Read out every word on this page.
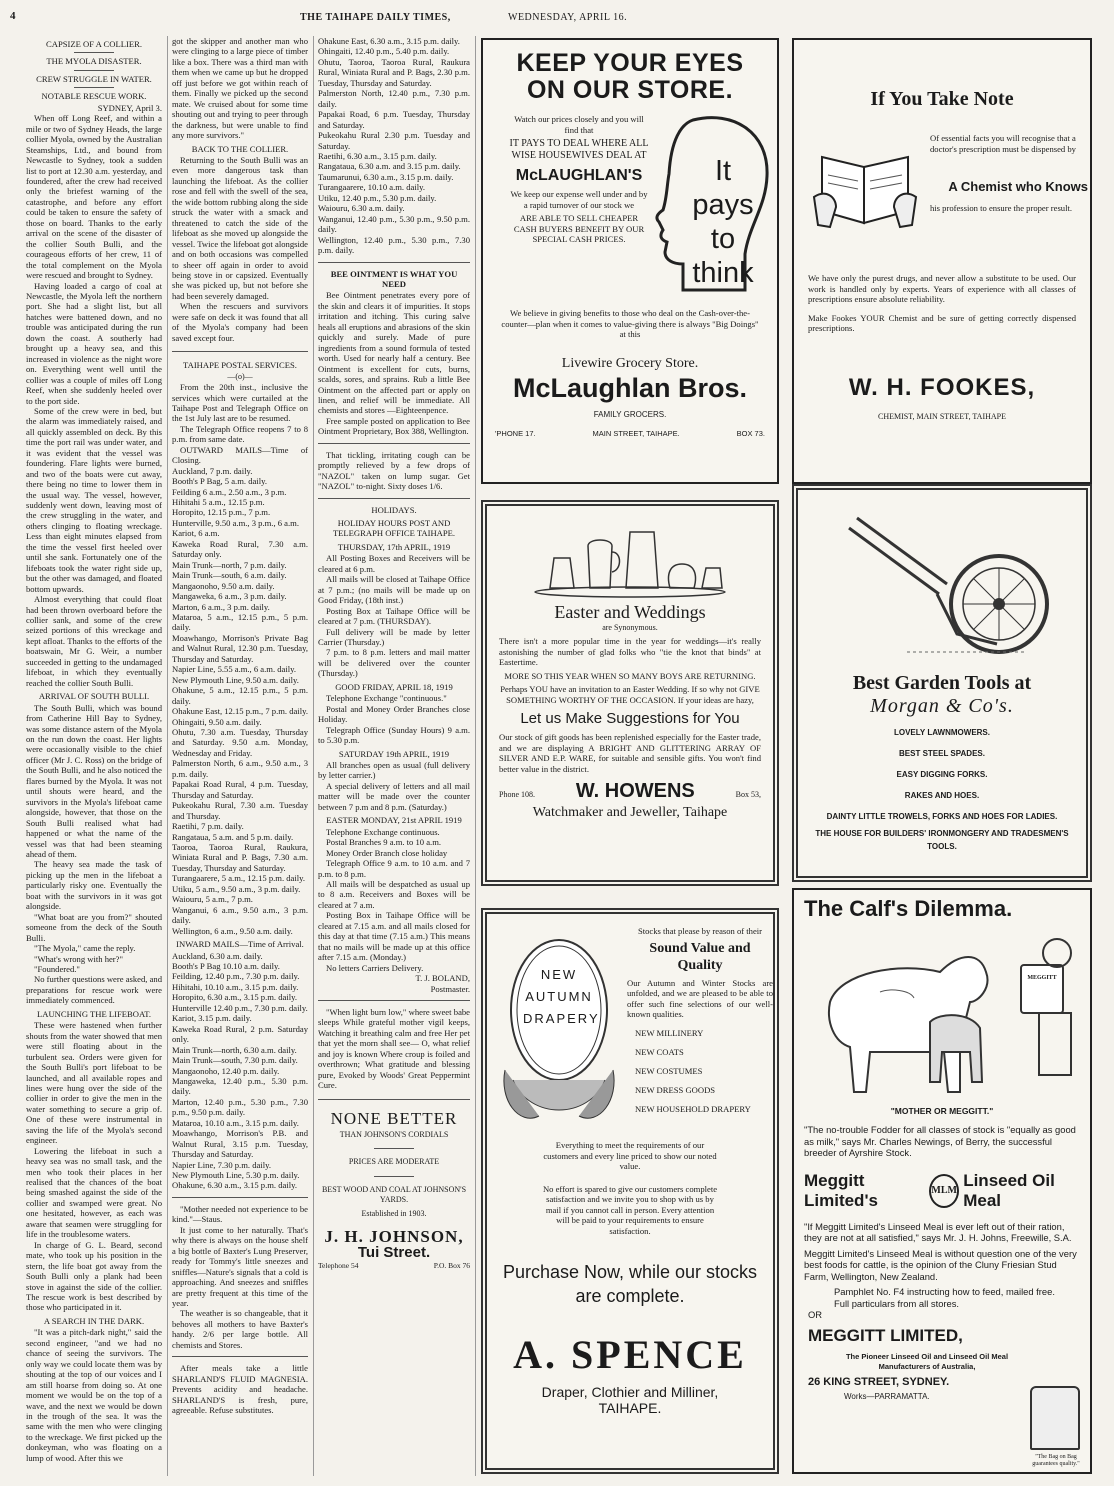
4	THE TAIHAPE DAILY TIMES,	WEDNESDAY, APRIL 16.

CAPSIZE OF A COLLIER.

THE MYOLA DISASTER.

CREW STRUGGLE IN WATER.

NOTABLE RESCUE WORK.

SYDNEY, April 3.

When off Long Reef, and within a mile or two of Sydney Heads, the large collier Myola, owned by the Australian Steamships, Ltd., and bound from Newcastle to Sydney, took a sudden list to port at 12.30 a.m. yesterday, and foundered, after the crew had received only the briefest warning of the catastrophe, and before any effort could be taken to ensure the safety of those on board. Thanks to the early arrival on the scene of the disaster of the collier South Bulli, and the courageous efforts of her crew, 11 of the total complement on the Myola were rescued and brought to Sydney.

Having loaded a cargo of coal at Newcastle, the Myola left the northern port. She had a slight list, but all hatches were battened down, and no trouble was anticipated during the run down the coast. A southerly had brought up a heavy sea, and this increased in violence as the night wore on. Everything went well until the collier was a couple of miles off Long Reef, when she suddenly heeled over to the port side.

Some of the crew were in bed, but the alarm was immediately raised, and all quickly assembled on deck. By this time the port rail was under water, and it was evident that the vessel was foundering. Flare lights were burned, and two of the boats were cut away, there being no time to lower them in the usual way. The vessel, however, suddenly went down, leaving most of the crew struggling in the water, and others clinging to floating wreckage. Less than eight minutes elapsed from the time the vessel first heeled over until she sank. Fortunately one of the lifeboats took the water right side up, but the other was damaged, and floated bottom upwards.

Almost everything that could float had been thrown overboard before the collier sank, and some of the crew seized portions of this wreckage and kept afloat. Thanks to the efforts of the boatswain, Mr G. Weir, a number succeeded in getting to the undamaged lifeboat, in which they eventually reached the collier South Bulli.

ARRIVAL OF SOUTH BULLI.

The South Bulli, which was bound from Catherine Hill Bay to Sydney, was some distance astern of the Myola on the run down the coast. Her lights were occasionally visible to the chief officer (Mr J. C. Ross) on the bridge of the South Bulli, and he also noticed the flares burned by the Myola. It was not until shouts were heard, and the survivors in the Myola's lifeboat came alongside, however, that those on the South Bulli realised what had happened or what the name of the vessel was that had been steaming ahead of them.

The heavy sea made the task of picking up the men in the lifeboat a particularly risky one. Eventually the boat with the survivors in it was got alongside.

"What boat are you from?" shouted someone from the deck of the South Bulli.

"The Myola," came the reply.

"What's wrong with her?"

"Foundered."

No further questions were asked, and preparations for rescue work were immediately commenced.

LAUNCHING THE LIFEBOAT.

These were hastened when further shouts from the water showed that men were still floating about in the turbulent sea. Orders were given for the South Bulli's port lifeboat to be launched, and all available ropes and lines were hung over the side of the collier in order to give the men in the water something to secure a grip of. One of these were instrumental in saving the life of the Myola's second engineer.

Lowering the lifeboat in such a heavy sea was no small task, and the men who took their places in her realised that the chances of the boat being smashed against the side of the collier and swamped were great. No one hesitated, however, as each was aware that seamen were struggling for life in the troublesome waters.

In charge of G. L. Beard, second mate, who took up his position in the stern, the life boat got away from the South Bulli only a plank had been stove in against the side of the collier. The rescue work is best described by those who participated in it.

A SEARCH IN THE DARK.

"It was a pitch-dark night," said the second engineer, "and we had no chance of seeing the survivors. The only way we could locate them was by shouting at the top of our voices and I am still hoarse from doing so. At one moment we would be on the top of a wave, and the next we would be down in the trough of the sea. It was the same with the men who were clinging to the wreckage. We first picked up the donkeyman, who was floating on a lump of wood. After this we

got the skipper and another man who were clinging to a large piece of timber like a box. There was a third man with them when we came up but he dropped off just before we got within reach of them. Finally we picked up the second mate. We cruised about for some time shouting out and trying to peer through the darkness, but were unable to find any more survivors."

BACK TO THE COLLIER.

Returning to the South Bulli was an even more dangerous task than launching the lifeboat. As the collier rose and fell with the swell of the sea, the wide bottom rubbing along the side struck the water with a smack and threatened to catch the side of the lifeboat as she moved up alongside the vessel. Twice the lifeboat got alongside and on both occasions was compelled to sheer off again in order to avoid being stove in or capsized. Eventually she was picked up, but not before she had been severely damaged.

When the rescuers and survivors were safe on deck it was found that all of the Myola's company had been saved except four.

TAIHAPE POSTAL SERVICES.

—(o)—

From the 20th inst., inclusive the services which were curtailed at the Taihape Post and Telegraph Office on the 1st July last are to be resumed.

The Telegraph Office reopens 7 to 8 p.m. from same date.

OUTWARD MAILS—Time of Closing.

Auckland, 7 p.m. daily.

Booth's P Bag, 5 a.m. daily.

Feilding 6 a.m., 2.50 a.m., 3 p.m.

Hihitahi 5 a.m., 12.15 p.m.

Horopito, 12.15 p.m., 7 p.m.

Hunterville, 9.50 a.m., 3 p.m., 6 a.m.

Kariot, 6 a.m.

Kaweka Road Rural, 7.30 a.m. Saturday only.

Main Trunk—north, 7 p.m. daily.

Main Trunk—south, 6 a.m. daily.

Mangaonoho, 9.50 a.m. daily.

Mangaweka, 6 a.m., 3 p.m. daily.

Marton, 6 a.m., 3 p.m. daily.

Mataroa, 5 a.m., 12.15 p.m., 5 p.m. daily.

Moawhango, Morrison's Private Bag and Walnut Rural, 12.30 p.m. Tuesday, Thursday and Saturday.

Napier Line, 5.55 a.m., 6 a.m. daily.

New Plymouth Line, 9.50 a.m. daily.

Ohakune, 5 a.m., 12.15 p.m., 5 p.m. daily.

Ohakune East, 12.15 p.m., 7 p.m. daily.

Ohingaiti, 9.50 a.m. daily.

Ohutu, 7.30 a.m. Tuesday, Thursday and Saturday. 9.50 a.m. Monday, Wednesday and Friday.

Palmerston North, 6 a.m., 9.50 a.m., 3 p.m. daily.

Papakai Road Rural, 4 p.m. Tuesday, Thursday and Saturday.

Pukeokahu Rural, 7.30 a.m. Tuesday and Thursday.

Raetihi, 7 p.m. daily.

Rangataua, 5 a.m. and 5 p.m. daily.

Taoroa, Taoroa Rural, Raukura, Winiata Rural and P. Bags, 7.30 a.m. Tuesday, Thursday and Saturday.

Turangaarere, 5 a.m., 12.15 p.m. daily.

Utiku, 5 a.m., 9.50 a.m., 3 p.m. daily.

Waiouru, 5 a.m., 7 p.m.

Wanganui, 6 a.m., 9.50 a.m., 3 p.m. daily.

Wellington, 6 a.m., 9.50 a.m. daily.

INWARD MAILS—Time of Arrival.

Auckland, 6.30 a.m. daily.

Booth's P Bag 10.10 a.m. daily.

Feilding, 12.40 p.m., 7.30 p.m. daily.

Hihitahi, 10.10 a.m., 3.15 p.m. daily.

Horopito, 6.30 a.m., 3.15 p.m. daily.

Hunterville 12.40 p.m., 7.30 p.m. daily.

Kariot, 3.15 p.m. daily.

Kaweka Road Rural, 2 p.m. Saturday only.

Main Trunk—north, 6.30 a.m. daily.

Main Trunk—south, 7.30 p.m. daily.

Mangaonoho, 12.40 p.m. daily.

Mangaweka, 12.40 p.m., 5.30 p.m. daily.

Marton, 12.40 p.m., 5.30 p.m., 7.30 p.m., 9.50 p.m. daily.

Mataroa, 10.10 a.m., 3.15 p.m. daily.

Moawhango, Morrison's P.B. and Walnut Rural, 3.15 p.m. Tuesday, Thursday and Saturday.

Napier Line, 7.30 p.m. daily.

New Plymouth Line, 5.30 p.m. daily.

Ohakune, 6.30 a.m., 3.15 p.m. daily.

"Mother needed not experience to be kind."—Staus.

It just come to her naturally. That's why there is always on the house shelf a big bottle of Baxter's Lung Preserver, ready for Tommy's little sneezes and sniffles—Nature's signals that a cold is approaching. And sneezes and sniffles are pretty frequent at this time of the year.

The weather is so changeable, that it behoves all mothers to have Baxter's handy. 2/6 per large bottle. All chemists and Stores.

After meals take a little SHARLAND'S FLUID MAGNESIA. Prevents acidity and headache. SHARLAND'S is fresh, pure, agreeable. Refuse substitutes.

Ohakune East, 6.30 a.m., 3.15 p.m. daily.

Ohingaiti, 12.40 p.m., 5.40 p.m. daily.

Ohutu, Taoroa, Taoroa Rural, Raukura Rural, Winiata Rural and P. Bags, 2.30 p.m. Tuesday, Thursday and Saturday.

Palmerston North, 12.40 p.m., 7.30 p.m. daily.

Papakai Road, 6 p.m. Tuesday, Thursday and Saturday.

Pukeokahu Rural 2.30 p.m. Tuesday and Saturday.

Raetihi, 6.30 a.m., 3.15 p.m. daily.

Rangataua, 6.30 a.m. and 3.15 p.m. daily.

Taumarunui, 6.30 a.m., 3.15 p.m. daily.

Turangaarere, 10.10 a.m. daily.

Utiku, 12.40 p.m., 5.30 p.m. daily.

Waiouru, 6.30 a.m. daily.

Wanganui, 12.40 p.m., 5.30 p.m., 9.50 p.m. daily.

Wellington, 12.40 p.m., 5.30 p.m., 7.30 p.m. daily.

BEE OINTMENT IS WHAT YOU NEED

Bee Ointment penetrates every pore of the skin and clears it of impurities. It stops irritation and itching. This curing salve heals all eruptions and abrasions of the skin quickly and surely. Made of pure ingredients from a sound formula of tested worth. Used for nearly half a century. Bee Ointment is excellent for cuts, burns, scalds, sores, and sprains. Rub a little Bee Ointment on the affected part or apply on linen, and relief will be immediate. All chemists and stores —Eighteenpence.

Free sample posted on application to Bee Ointment Proprietary, Box 388, Wellington.

That tickling, irritating cough can be promptly relieved by a few drops of "NAZOL" taken on lump sugar. Get "NAZOL" to-night. Sixty doses 1/6.

HOLIDAYS.

HOLIDAY HOURS POST AND TELEGRAPH OFFICE TAIHAPE.

THURSDAY, 17th APRIL, 1919

All Posting Boxes and Receivers will be cleared at 6 p.m.

All mails will be closed at Taihape Office at 7 p.m.; (no mails will be made up on Good Friday, (18th inst.)

Posting Box at Taihape Office will be cleared at 7 p.m. (THURSDAY).

Full delivery will be made by letter Carrier (Thursday.)

7 p.m. to 8 p.m. letters and mail matter will be delivered over the counter (Thursday.)

GOOD FRIDAY, APRIL 18, 1919

Telephone Exchange "continuous."

Postal and Money Order Branches close Holiday.

Telegraph Office (Sunday Hours) 9 a.m. to 5.30 p.m.

SATURDAY 19th APRIL, 1919

All branches open as usual (full delivery by letter carrier.)

A special delivery of letters and all mail matter will be made over the counter between 7 p.m and 8 p.m. (Saturday.)

EASTER MONDAY, 21st APRIL 1919

Telephone Exchange continuous.

Postal Branches 9 a.m. to 10 a.m.

Money Order Branch close holiday

Telegraph Office 9 a.m. to 10 a.m. and 7 p.m. to 8 p.m.

All mails will be despatched as usual up to 8 a.m. Receivers and Boxes will be cleared at 7 a.m.

Posting Box in Taihape Office will be cleared at 7.15 a.m. and all mails closed for this day at that time (7.15 a.m.) This means that no mails will be made up at this office after 7.15 a.m. (Monday.)

No letters Carriers Delivery.

T. J. BOLAND,

Postmaster.

"When light burn low," where sweet babe sleeps While grateful mother vigil keeps, Watching it breathing calm and free Her pet that yet the morn shall see— O, what relief and joy is known Where croup is foiled and overthrown; What gratitude and blessing pure, Evoked by Woods' Great Peppermint Cure.

NONE BETTER
THAN JOHNSON'S CORDIALS
PRICES ARE MODERATE
BEST WOOD AND COAL AT JOHNSON'S YARDS.
Established in 1903.
J. H. JOHNSON,
Tui Street.
Telephone 54	P.O. Box 76
KEEP YOUR EYES ON OUR STORE.
Watch our prices closely and you will find that
IT PAYS TO DEAL WHERE ALL WISE HOUSEWIVES DEAL AT
McLAUGHLAN'S
We keep our expense well under and by a rapid turnover of our stock we
ARE ABLE TO SELL CHEAPER CASH BUYERS BENEFIT BY OUR SPECIAL CASH PRICES.
It pays to think
We believe in giving benefits to those who deal on the Cash-over-the-counter—plan when it comes to value-giving there is always "Big Doings" at this
Livewire Grocery Store.
McLaughlan Bros.
FAMILY GROCERS.
'PHONE 17.	MAIN STREET, TAIHAPE.	BOX 73.
If You Take Note
Of essential facts you will recognise that a doctor's prescription must be dispensed by
A Chemist who Knows
his profession to ensure the proper result.
We have only the purest drugs, and never allow a substitute to be used. Our work is handled only by experts. Years of experience with all classes of prescriptions ensure absolute reliability.
Make Fookes YOUR Chemist and be sure of getting correctly dispensed prescriptions.
W. H. FOOKES,
CHEMIST, MAIN STREET, TAIHAPE
Easter and Weddings
are Synonymous.
There isn't a more popular time in the year for weddings—it's really astonishing the number of glad folks who "tie the knot that binds" at Eastertime.
MORE SO THIS YEAR WHEN SO MANY BOYS ARE RETURNING.
Perhaps YOU have an invitation to an Easter Wedding. If so why not GIVE SOMETHING WORTHY OF THE OCCASION. If your ideas are hazy,
Let us Make Suggestions for You
Our stock of gift goods has been replenished especially for the Easter trade, and we are displaying A BRIGHT AND GLITTERING ARRAY OF SILVER AND E.P. WARE, for suitable and sensible gifts. You won't find better value in the district.
Phone 108. W. HOWENS	Box 53,
Watchmaker and Jeweller, Taihape
Best Garden Tools at
Morgan & Co's.

LOVELY LAWNMOWERS.

BEST STEEL SPADES.

EASY DIGGING FORKS.

RAKES AND HOES.

DAINTY LITTLE TROWELS, FORKS AND HOES FOR LADIES.
THE HOUSE FOR BUILDERS' IRONMONGERY AND TRADESMEN'S TOOLS.
NEW AUTUMN DRAPERY
Stocks that please by reason of their
Sound Value and Quality
Our Autumn and Winter Stocks are unfolded, and we are pleased to be able to offer such fine selections of our well-known qualities.

NEW MILLINERY

NEW COATS

NEW COSTUMES

NEW DRESS GOODS

NEW HOUSEHOLD DRAPERY

Everything to meet the requirements of our customers and every line priced to show our noted value.
No effort is spared to give our customers complete satisfaction and we invite you to shop with us by mail if you cannot call in person. Every attention will be paid to your requirements to ensure satisfaction.
Purchase Now, while our stocks are complete.
A. SPENCE
Draper, Clothier and Milliner,
TAIHAPE.
The Calf's Dilemma.
MEGGITT
"MOTHER OR MEGGITT."
"The no-trouble Fodder for all classes of stock is "equally as good as milk," says Mr. Charles Newings, of Berry, the successful breeder of Ayrshire Stock.
Meggitt Limited's
MLM
Linseed Oil Meal
"If Meggitt Limited's Linseed Meal is ever left out of their ration, they are not at all satisfied," says Mr. J. H. Johns, Freewille, S.A.
Meggitt Limited's Linseed Meal is without question one of the very best foods for cattle, is the opinion of the Cluny Friesian Stud Farm, Wellington, New Zealand.
Pamphlet No. F4 instructing how to feed, mailed free.
Full particulars from all stores.
OR
MEGGITT LIMITED,
The Pioneer Linseed Oil and Linseed Oil Meal Manufacturers of Australia,
26 KING STREET, SYDNEY.
Works—PARRAMATTA.
"The Bag on Bag guarantees quality."
